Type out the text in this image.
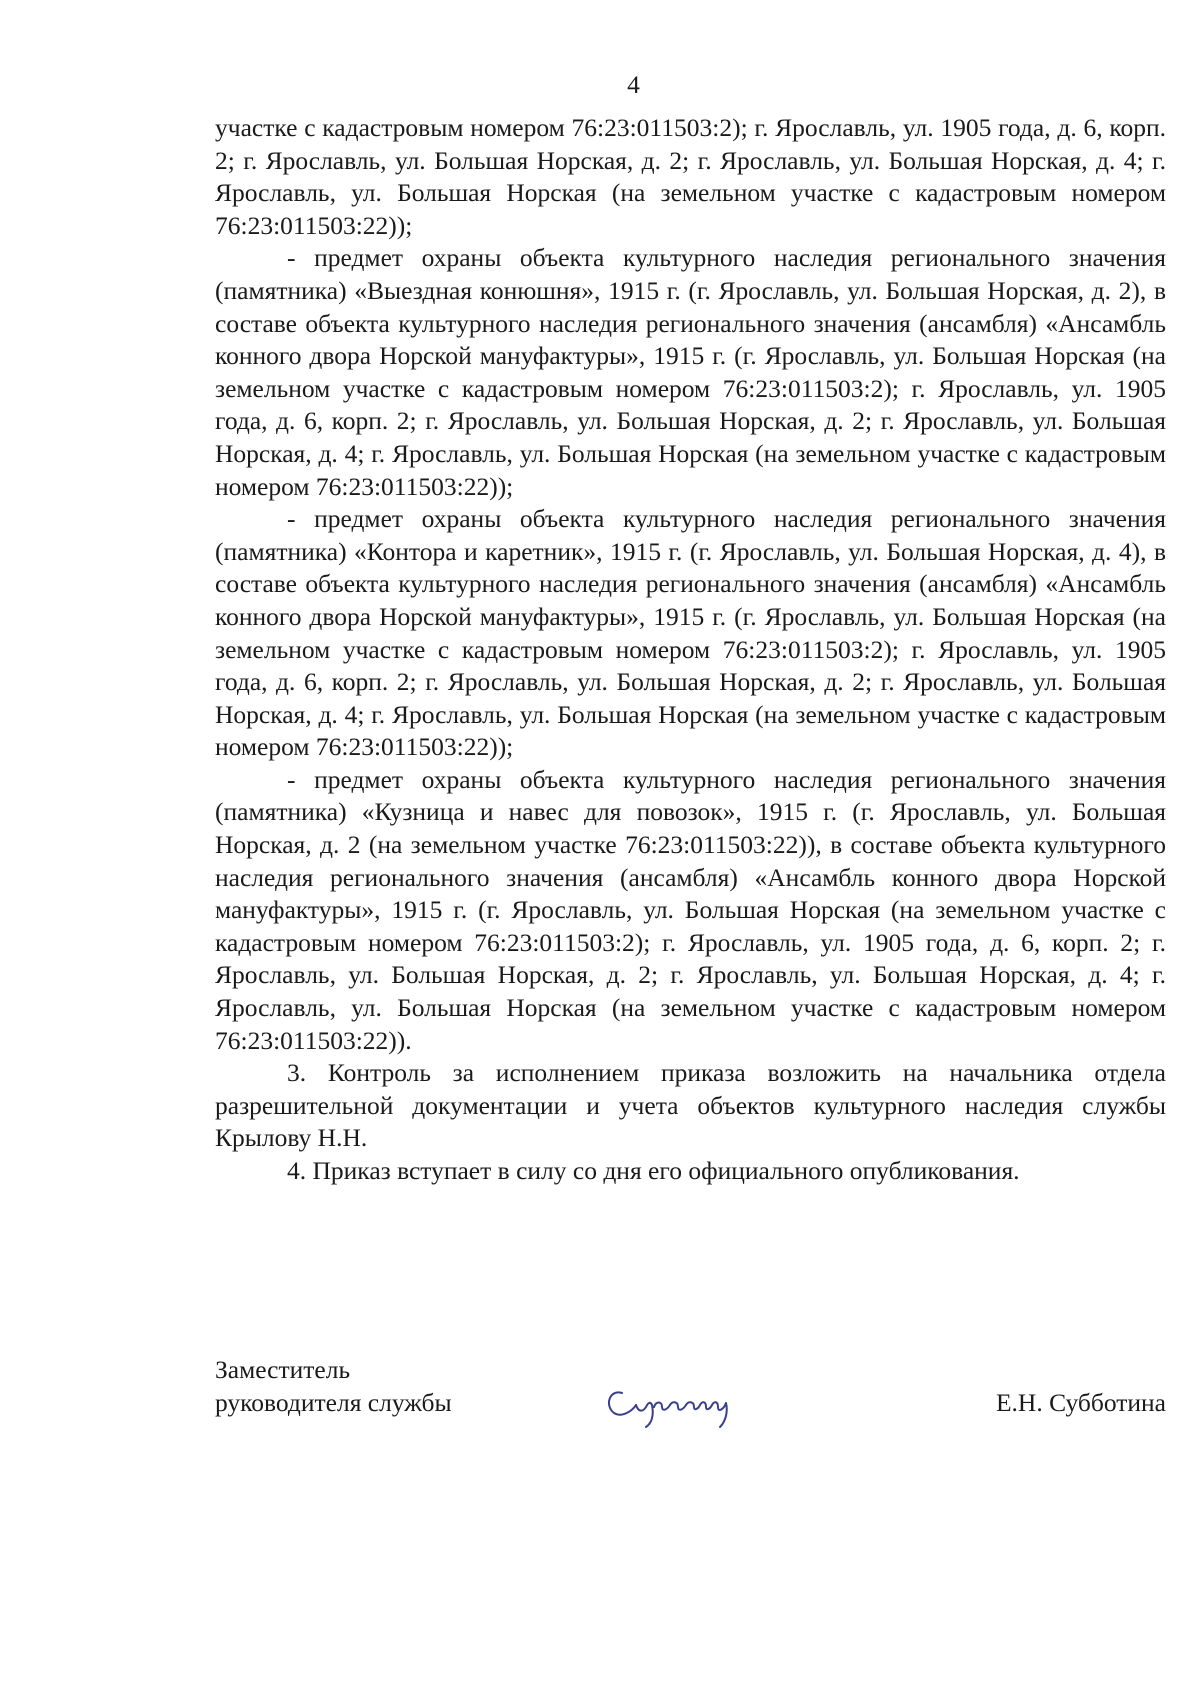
4

участке с кадастровым номером 76:23:011503:2); г. Ярославль, ул. 1905 года, д. 6, корп. 2; г. Ярославль, ул. Большая Норская, д. 2; г. Ярославль, ул. Большая Норская, д. 4; г. Ярославль, ул. Большая Норская (на земельном участке с кадастровым номером 76:23:011503:22));

- предмет охраны объекта культурного наследия регионального значения (памятника) «Выездная конюшня», 1915 г. (г. Ярославль, ул. Большая Норская, д. 2), в составе объекта культурного наследия регионального значения (ансамбля) «Ансамбль конного двора Норской мануфактуры», 1915 г. (г. Ярославль, ул. Большая Норская (на земельном участке с кадастровым номером 76:23:011503:2); г. Ярославль, ул. 1905 года, д. 6, корп. 2; г. Ярославль, ул. Большая Норская, д. 2; г. Ярославль, ул. Большая Норская, д. 4; г. Ярославль, ул. Большая Норская (на земельном участке с кадастровым номером 76:23:011503:22));

- предмет охраны объекта культурного наследия регионального значения (памятника) «Контора и каретник», 1915 г. (г. Ярославль, ул. Большая Норская, д. 4), в составе объекта культурного наследия регионального значения (ансамбля) «Ансамбль конного двора Норской мануфактуры», 1915 г. (г. Ярославль, ул. Большая Норская (на земельном участке с кадастровым номером 76:23:011503:2); г. Ярославль, ул. 1905 года, д. 6, корп. 2; г. Ярославль, ул. Большая Норская, д. 2; г. Ярославль, ул. Большая Норская, д. 4; г. Ярославль, ул. Большая Норская (на земельном участке с кадастровым номером 76:23:011503:22));

- предмет охраны объекта культурного наследия регионального значения (памятника) «Кузница и навес для повозок», 1915 г. (г. Ярославль, ул. Большая Норская, д. 2 (на земельном участке 76:23:011503:22)), в составе объекта культурного наследия регионального значения (ансамбля) «Ансамбль конного двора Норской мануфактуры», 1915 г. (г. Ярославль, ул. Большая Норская (на земельном участке с кадастровым номером 76:23:011503:2); г. Ярославль, ул. 1905 года, д. 6, корп. 2; г. Ярославль, ул. Большая Норская, д. 2; г. Ярославль, ул. Большая Норская, д. 4; г. Ярославль, ул. Большая Норская (на земельном участке с кадастровым номером 76:23:011503:22)).

3. Контроль за исполнением приказа возложить на начальника отдела разрешительной документации и учета объектов культурного наследия службы Крылову Н.Н.

4. Приказ вступает в силу со дня его официального опубликования.

Заместитель
руководителя службы	Е.Н. Субботина
